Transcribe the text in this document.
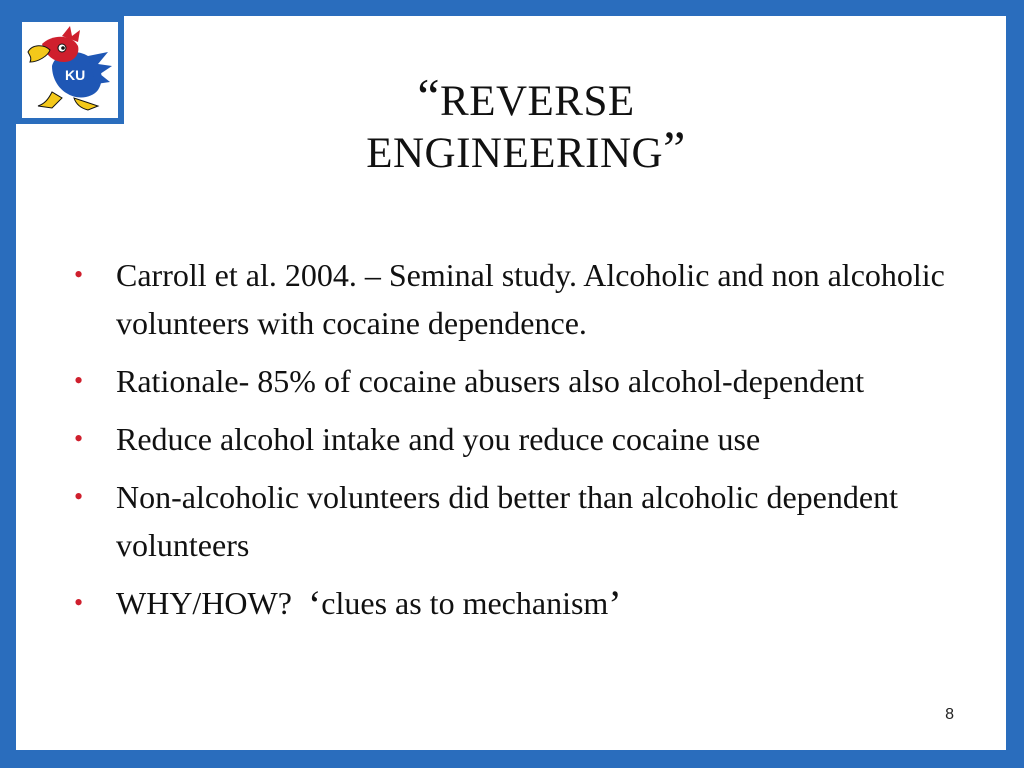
KU	“REVERSE
ENGINEERING”
• Carroll et al. 2004. – Seminal study. Alcoholic and non alcoholic volunteers with cocaine dependence.
• Rationale- 85% of cocaine abusers also alcohol-dependent
• Reduce alcohol intake and you reduce cocaine use
• Non-alcoholic volunteers did better than alcoholic dependent volunteers
• WHY/HOW? ‘clues as to mechanism’
8
